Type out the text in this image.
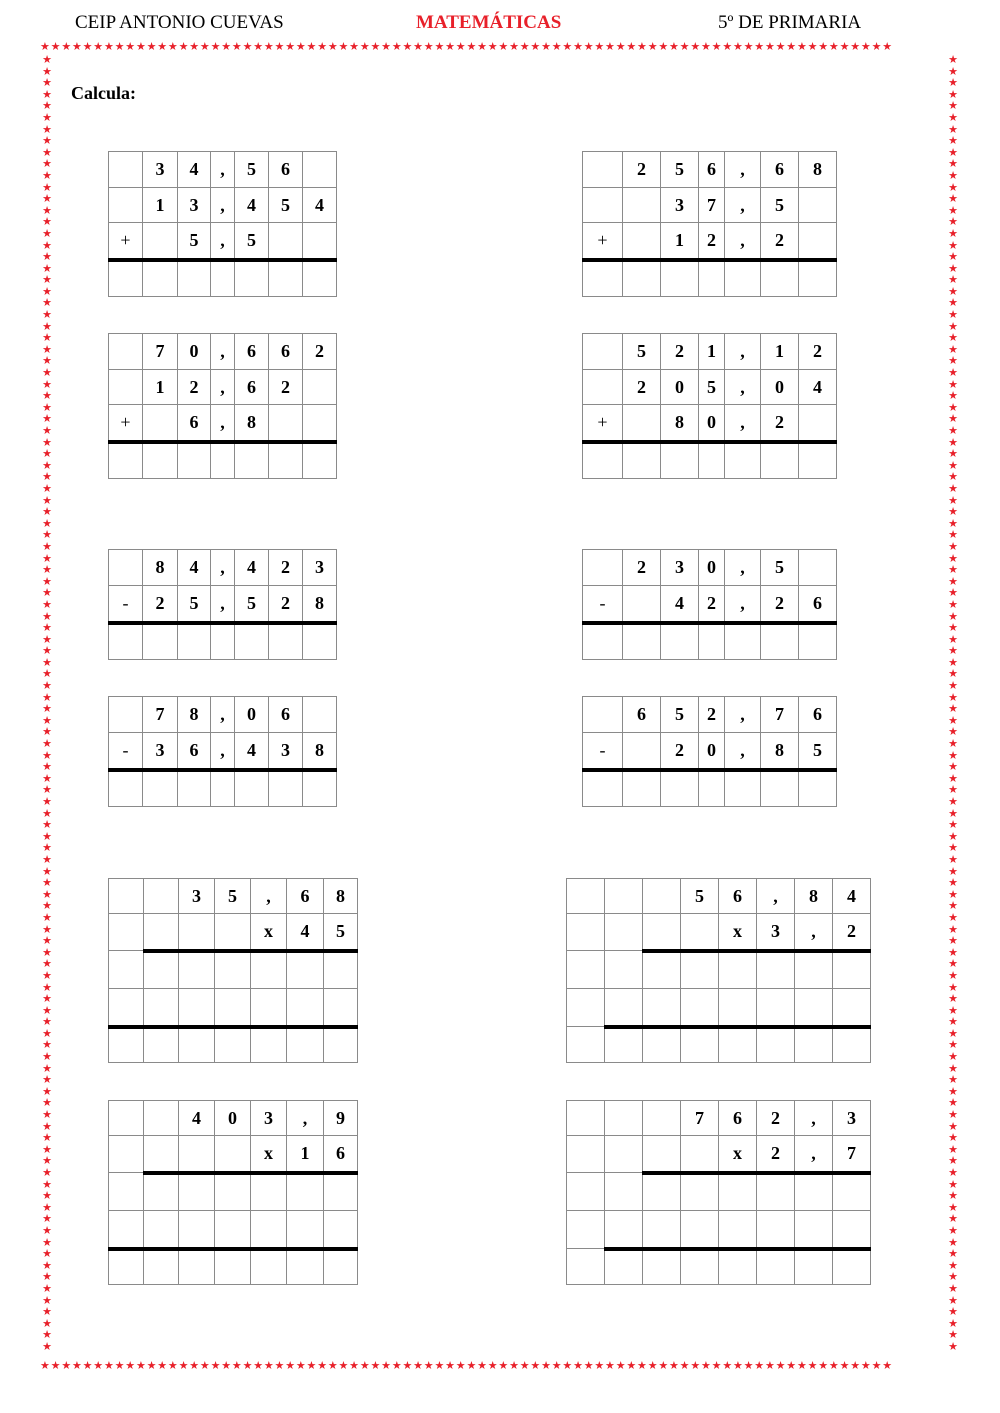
CEIP ANTONIO CUEVAS	MATEMÁTICAS	5º DE PRIMARIA
★★★★★★★★★★★★★★★★★★★★★★★★★★★★★★★★★★★★★★★★★★★★★★★★★★★★★★★★★★★★★★★★★★★★★★★★★★★★★★★★
★★★★★★★★★★★★★★★★★★★★★★★★★★★★★★★★★★★★★★★★★★★★★★★★★★★★★★★★★★★★★★★★★★★★★★★★★★★★★★★★
★
★
★
★
★
★
★
★
★
★
★
★
★
★
★
★
★
★
★
★
★
★
★
★
★
★
★
★
★
★
★
★
★
★
★
★
★
★
★
★
★
★
★
★
★
★
★
★
★
★
★
★
★
★
★
★
★
★
★
★
★
★
★
★
★
★
★
★
★
★
★
★
★
★
★
★
★
★
★
★
★
★
★
★
★
★
★
★
★
★
★
★
★
★
★
★
★
★
★
★
★
★
★
★
★
★
★
★
★
★
★
★
★
★
★
★
★
★
★
★
★
★
★
★
★
★
★
★
★
★
★
★
★
★
★
★
★
★
★
★
★
★
★
★
★
★
★
★
★
★
★
★
★
★
★
★
★
★
★
★
★
★
★
★
★
★
★
★
★
★
★
★
★
★
★
★
★
★
★
★
★
★
★
★
★
★
★
★
★
★
★
★
★
★
★
★
★
★
★
★
★
★
★
★
★
★
★
★
★
★
★
★
★
★
★
★
★
★
★
★
★
★
★
★
Calcula:
	3	4	,	5	6	
	1	3	,	4	5	4
+		5	,	5		

	2	5	6	,	6	8
		3	7	,	5	
+		1	2	,	2	

	7	0	,	6	6	2
	1	2	,	6	2	
+		6	,	8		

	5	2	1	,	1	2
	2	0	5	,	0	4
+		8	0	,	2	

	8	4	,	4	2	3
-	2	5	,	5	2	8

	2	3	0	,	5	
-		4	2	,	2	6

	7	8	,	0	6	
-	3	6	,	4	3	8

	6	5	2	,	7	6
-		2	0	,	8	5

		3	5	,	6	8
				x	4	5

			5	6	,	8	4
				x	3	,	2

		4	0	3	,	9
				x	1	6

			7	6	2	,	3
				x	2	,	7
